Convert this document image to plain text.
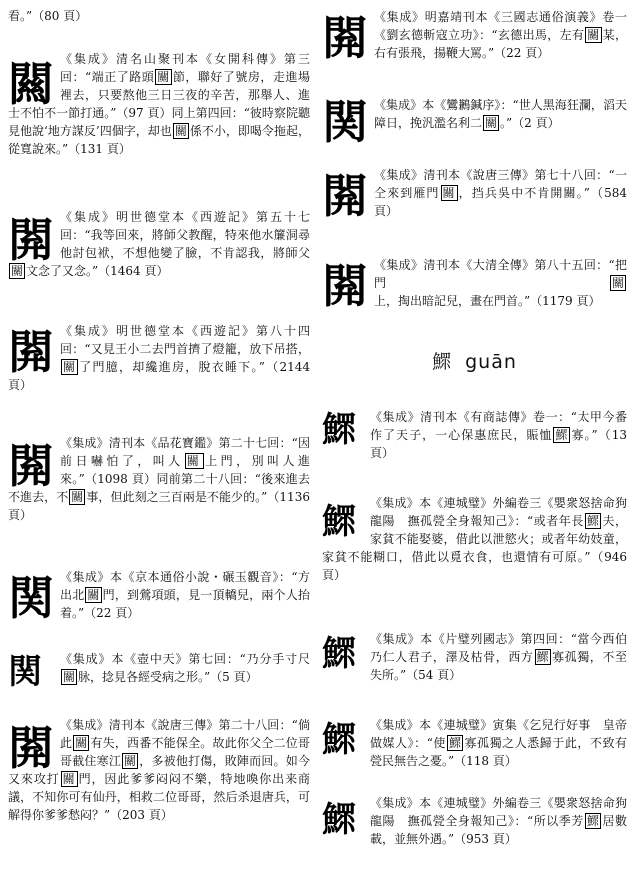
看。”（80 頁）
闗 《集成》清名山聚刊本《女開科傳》第三回：“端正了路頭 關 節，聯好了號房，走進場裡去，只要熬他三日三夜的辛苦，那舉人、進士不怕不一節打通。”（97 頁）同上第四回：“彼時察院聽見他說‘地方謀反’四個字，却也 關 係不小，即喝令拖起，從寬說來。”（131 頁）
閞 《集成》明世德堂本《西遊記》第五十七回：“我等回來，將師父教醒，特來他水簾洞尋他討包袱，不想他變了臉，不肯認我，將師父關 文念了又念。”（1464 頁）
閞 《集成》明世德堂本《西遊記》第八十四回：“又見王小二去門首擠了燈籠，放下吊搭，關 了門臆，却纔進房，脫衣睡下。”（2144 頁）
閞 《集成》清刊本《品花寶鑑》第二十七回：“因前日嚇怕了，叫人 關 上門，別叫人進來。”（1098 頁）同前第二十八回：“後來進去不進去，不 關 事，但此刻之三百兩是不能少的。”（1136 頁）
関 《集成》本《京本通俗小說・碾玉觀音》：“方出北 關 門，到鶯項頭，見一頂轎兒，兩个人抬着。”（22 頁）
関	《集成》本《壺中天》第七回：“乃分手寸尺關 脉，捻見各經受病之形。”（5 頁）
閞 《集成》清刊本《說唐三傳》第二十八回：“倘此 關 有失，西番不能保全。故此你父仝二位哥哥截住寒江 關 ，多被他打傷，敗陣而回。如今又來攻打 關 門，因此爹爹闷闷不樂，特地喚你出来商議，不知你可有仙丹，相救二位哥哥，然后杀退唐兵，可解得你爹爹愁闷？”（203 頁）
閞 《集成》明嘉靖刊本《三國志通俗演義》卷一《劉玄德斬寇立功》：“玄德出馬，左有 關 某，右有張飛，揚鞭大罵。”（22 頁）
関 《集成》本《鸞鶼鍼序》：“世人黑海狂瀾，滔天障日，挽汎濫名利二 關 。”（2 頁）
閞 《集成》清刊本《說唐三傳》第七十八回：“一仝來到雁門 關 ，挡兵吳中不肯開關。”（584 頁）
閞 《集成》清刊本《大清全傳》第八十五回：“把門 關上，掏出暗記兒，畫在門首。”（1179 頁）
鰥 guān
鰥	《集成》清刊本《有商誌傳》卷一：“太甲今番作了天子，一心保惠庶民，賑恤 鰥 寡。”（13 頁）
鰥	《集成》本《連城璧》外編卷三《嬰衆怒捨命狗龍陽　撫孤甇全身報知己》：“或者年長 鰥 夫，家貧不能娶婆，借此以泄慾火；或者年幼妓童，家貧不能糊口，借此以覓衣食，也還情有可原。”（946 頁）
鰥	《集成》本《片璧列國志》第四回：“當今西伯乃仁人君子，澤及枯骨，西方 鰥 寡孤獨，不至失所。”（54 頁）
鰥	《集成》本《連城璧》寅集《乞兒行好事　皇帝做媒人》：“使 鰥 寡孤獨之人悉歸于此，不致有甇民無告之憂。”（118 頁）
鰥	《集成》本《連城璧》外編卷三《嬰衆怒捨命狗龍陽　撫孤甇全身報知己》：“所以季芳 鰥 居數載，並無外遇。”（953 頁）
